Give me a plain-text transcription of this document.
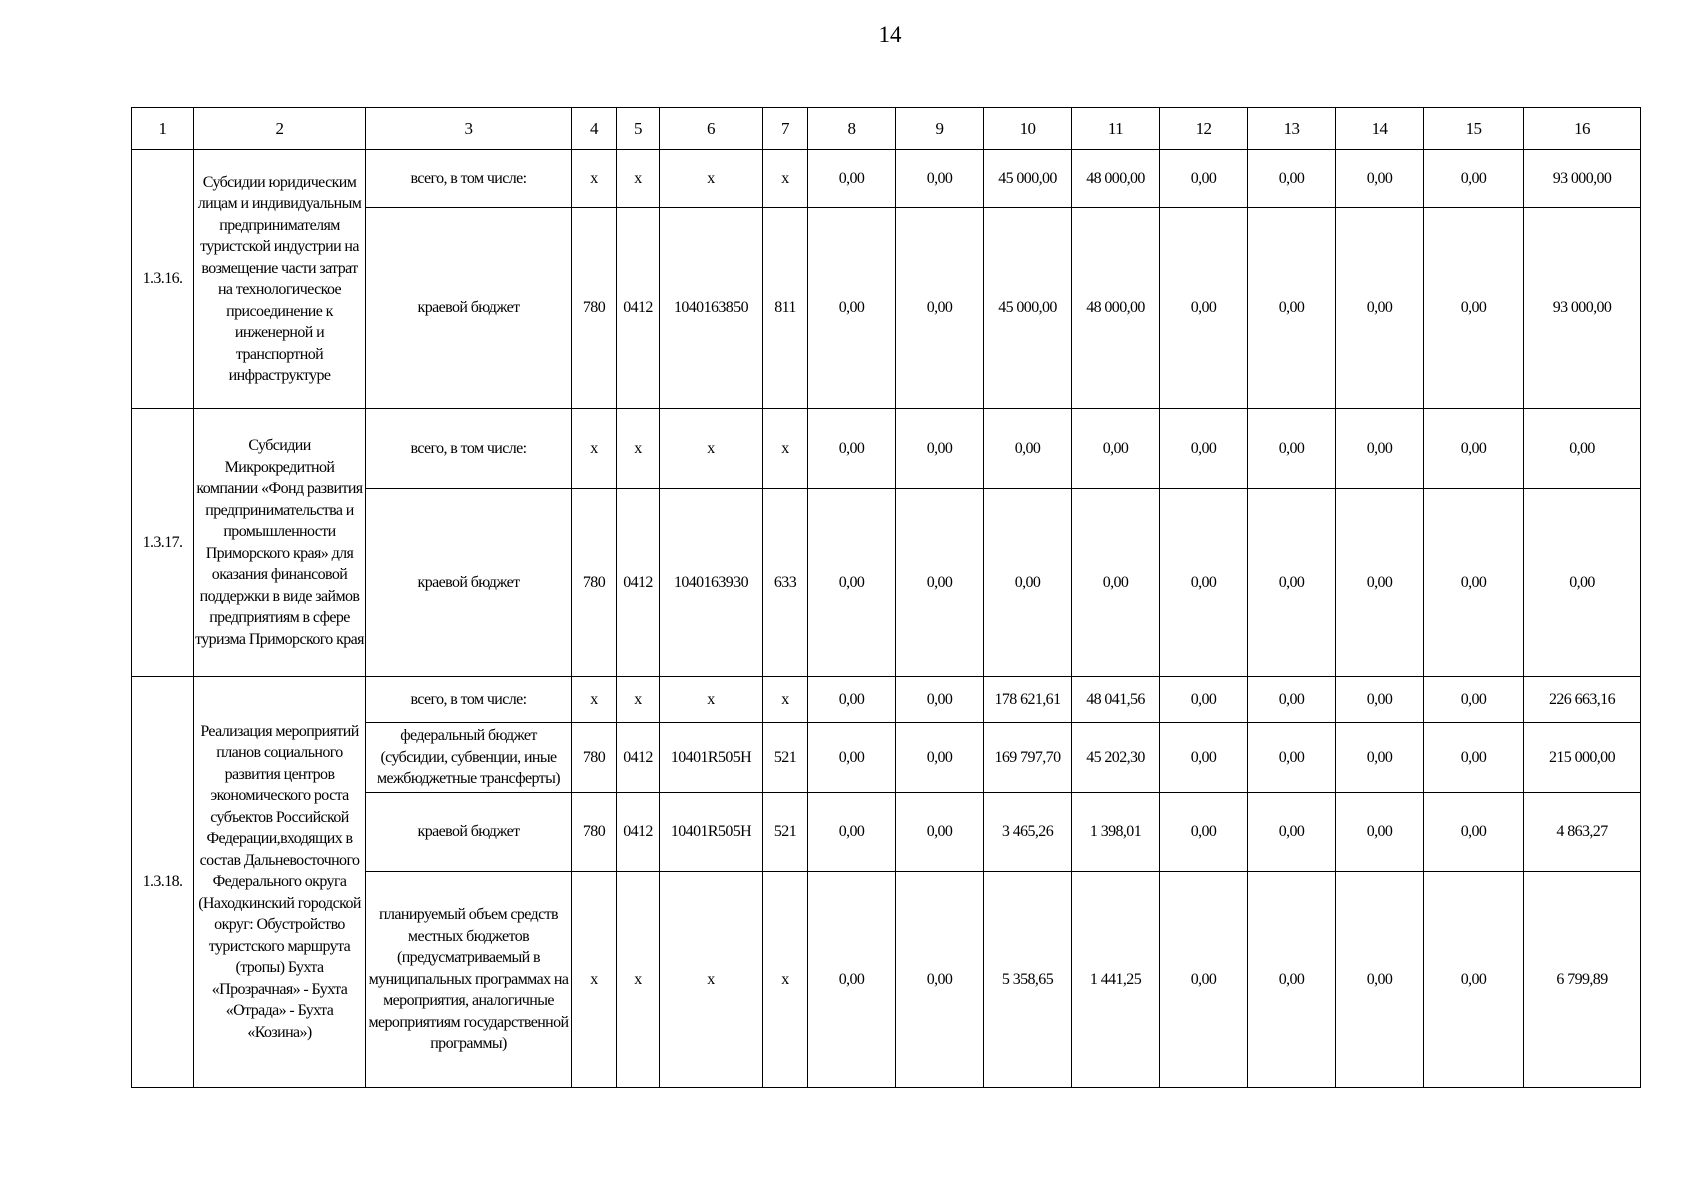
14
1	2	3	4	5	6	7	8	9	10	11	12	13	14	15	16
1.3.16.	Субсидии юридическим лицам и индивидуальным предпринимателям туристской индустрии на возмещение части затрат на технологическое присоединение к инженерной и транспортной инфраструктуре	всего, в том числе:	x	x	x	x	0,00	0,00	45 000,00	48 000,00	0,00	0,00	0,00	0,00	93 000,00
		краевой бюджет	780	0412	1040163850	811	0,00	0,00	45 000,00	48 000,00	0,00	0,00	0,00	0,00	93 000,00
1.3.17.	Субсидии Микрокредитной компании «Фонд развития предпринимательства и промышленности Приморского края» для оказания финансовой поддержки в виде займов предприятиям в сфере туризма Приморского края	всего, в том числе:	x	x	x	x	0,00	0,00	0,00	0,00	0,00	0,00	0,00	0,00	0,00
		краевой бюджет	780	0412	1040163930	633	0,00	0,00	0,00	0,00	0,00	0,00	0,00	0,00	0,00
1.3.18.	Реализация мероприятий планов социального развития центров экономического роста субъектов Российской Федерации,входящих в состав Дальневосточного Федерального округа (Находкинский городской округ: Обустройство туристского маршрута (тропы) Бухта «Прозрачная» - Бухта «Отрада» - Бухта «Козина»)	всего, в том числе:	x	x	x	x	0,00	0,00	178 621,61	48 041,56	0,00	0,00	0,00	0,00	226 663,16
		федеральный бюджет (субсидии, субвенции, иные межбюджетные трансферты)	780	0412	10401R505H	521	0,00	0,00	169 797,70	45 202,30	0,00	0,00	0,00	0,00	215 000,00
		краевой бюджет	780	0412	10401R505H	521	0,00	0,00	3 465,26	1 398,01	0,00	0,00	0,00	0,00	4 863,27
		планируемый объем средств местных бюджетов (предусматриваемый в муниципальных программах на мероприятия, аналогичные мероприятиям государственной программы)	x	x	x	x	0,00	0,00	5 358,65	1 441,25	0,00	0,00	0,00	0,00	6 799,89
